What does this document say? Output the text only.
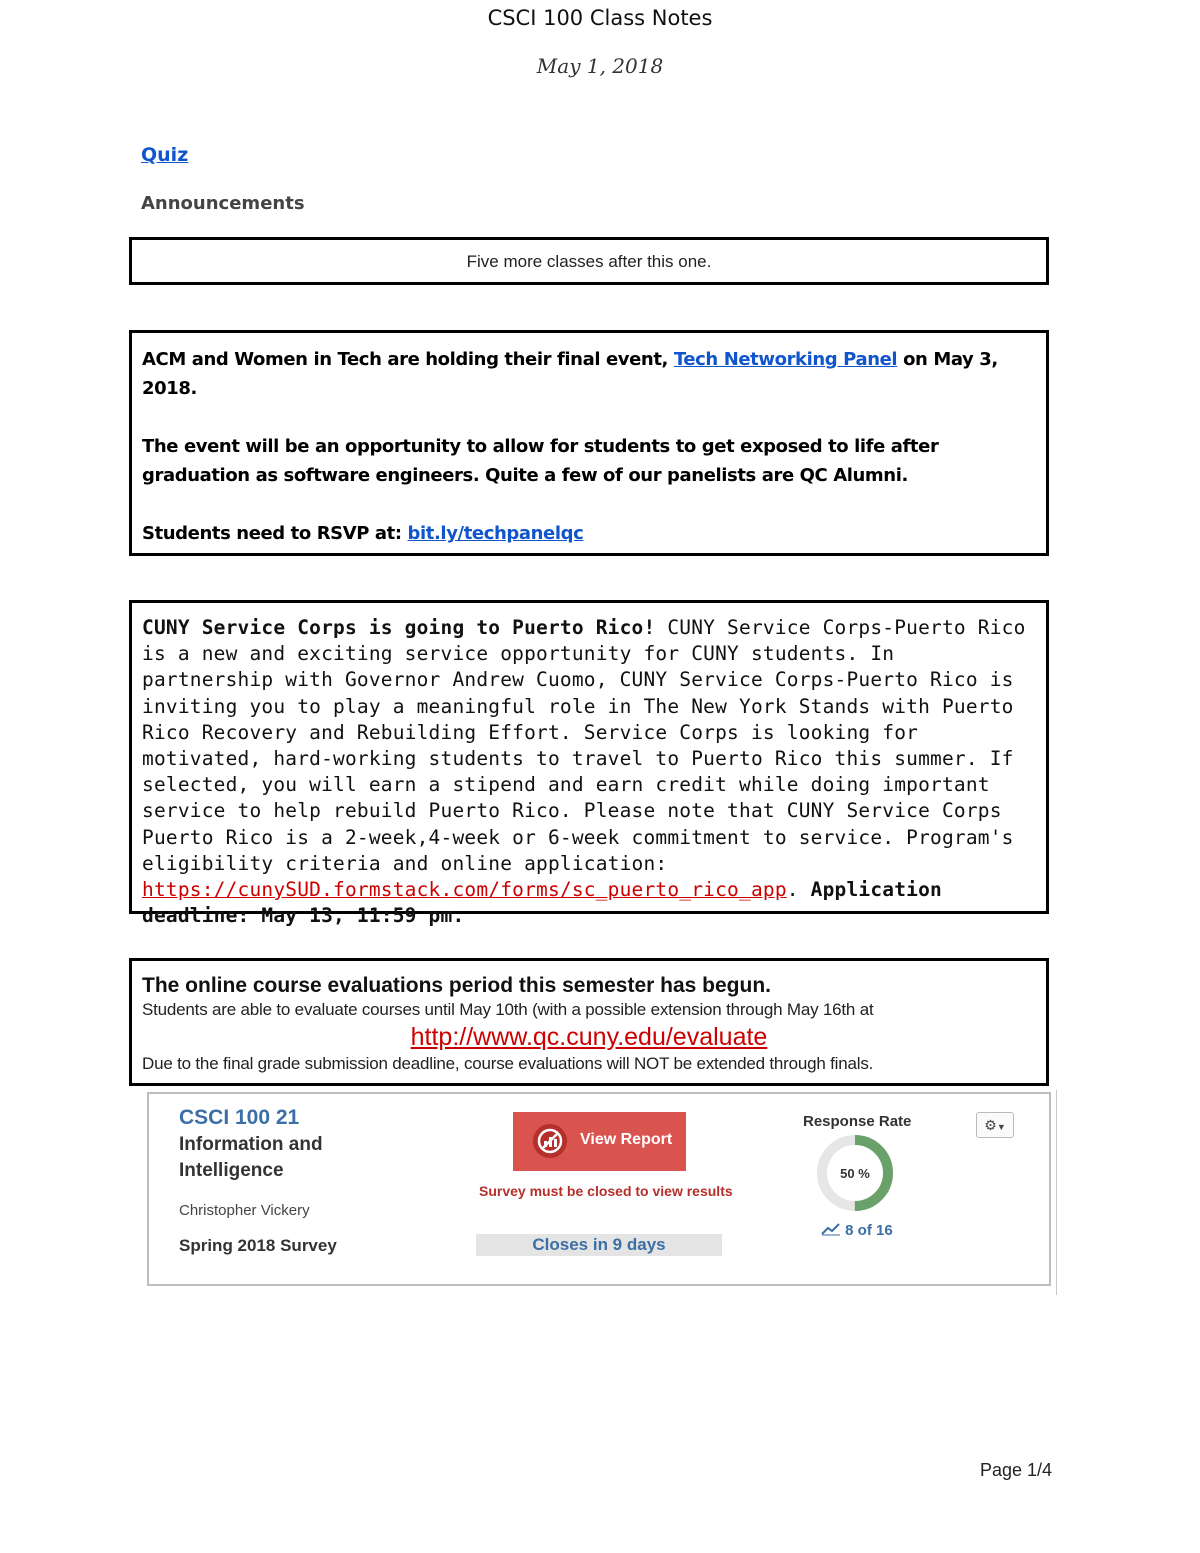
CSCI 100 Class Notes
May 1, 2018
Quiz
Announcements
Five more classes after this one.

ACM and Women in Tech are holding their final event, Tech Networking Panel on May 3, 2018.

The event will be an opportunity to allow for students to get exposed to life after graduation as software engineers. Quite a few of our panelists are QC Alumni.

Students need to RSVP at: bit.ly/techpanelqc

CUNY Service Corps is going to Puerto Rico! CUNY Service Corps-Puerto Rico is a new and exciting service opportunity for CUNY students. In partnership with Governor Andrew Cuomo, CUNY Service Corps-Puerto Rico is inviting you to play a meaningful role in The New York Stands with Puerto Rico Recovery and Rebuilding Effort. Service Corps is looking for motivated, hard-working students to travel to Puerto Rico this summer. If selected, you will earn a stipend and earn credit while doing important service to help rebuild Puerto Rico. Please note that CUNY Service Corps Puerto Rico is a 2-week,4-week or 6-week commitment to service. Program's eligibility criteria and online application: https://cunySUD.formstack.com/forms/sc_puerto_rico_app. Application deadline: May 13, 11:59 pm.

The online course evaluations period this semester has begun.
Students are able to evaluate courses until May 10th (with a possible extension through May 16th at
http://www.qc.cuny.edu/evaluate
Due to the final grade submission deadline, course evaluations will NOT be extended through finals.
CSCI 100 21
Information and Intelligence
Christopher Vickery
Spring 2018 Survey
View Report
Survey must be closed to view results
Closes in 9 days
Response Rate
50 %
8 of 16
⚙▼
Page 1/4
